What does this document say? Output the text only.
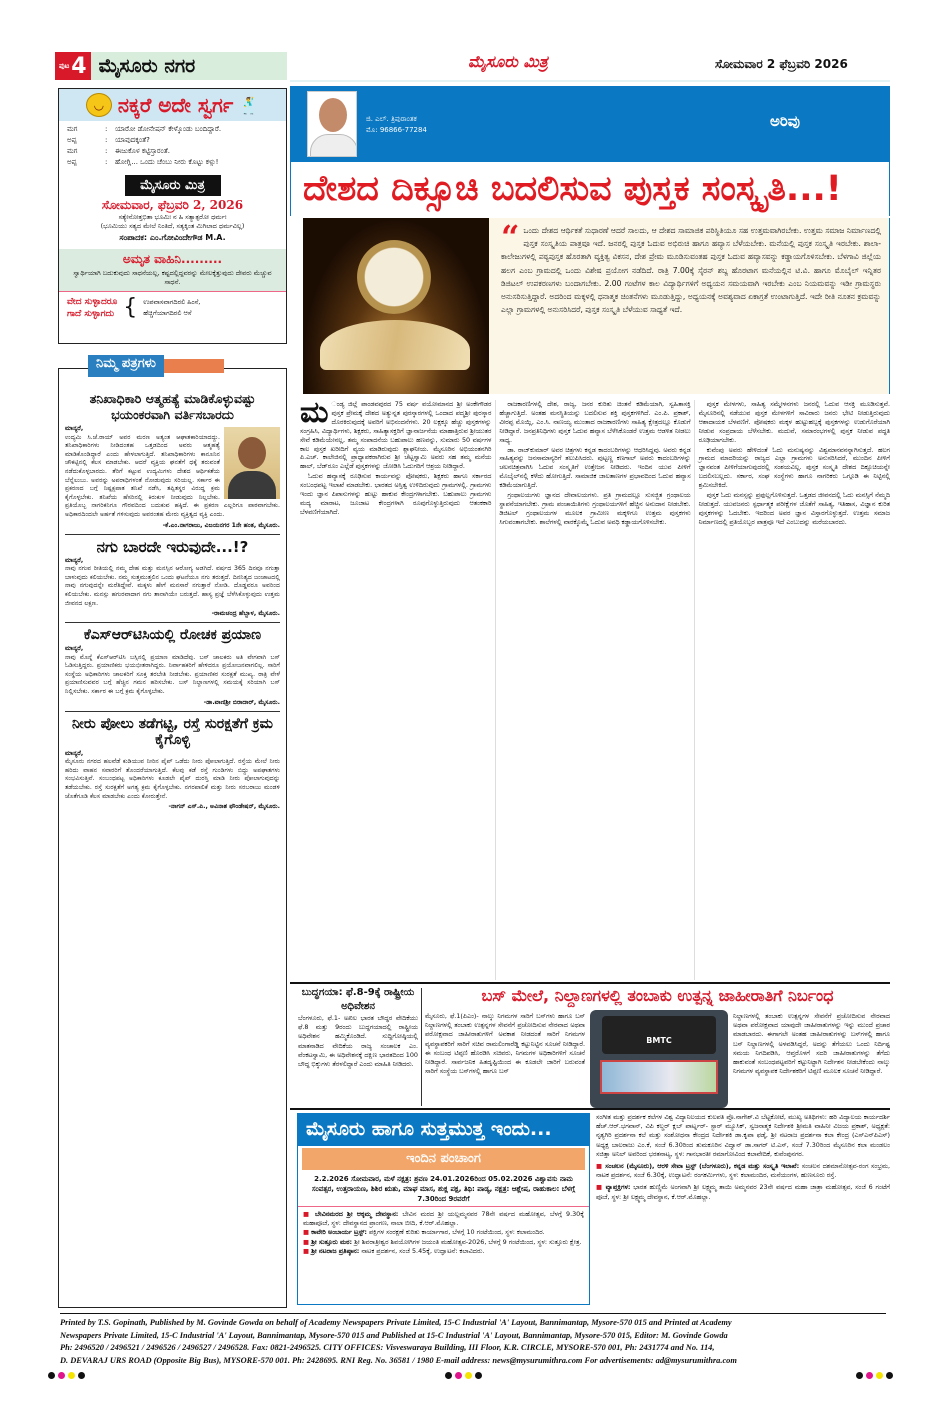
ಪುಟ 4 ಮೈಸೂರು ನಗರ	ಮೈಸೂರು ಮಿತ್ರ	ಸೋಮವಾರ 2 ಫೆಬ್ರವರಿ 2026
◡ ನಕ್ಕರೆ ಅದೇ ಸ್ವರ್ಗ 🕺
ಮಗ	:	ಯಾರೋ ಡೋನೇಷನ್ ಕೇಳ್ಕೊಂಡು ಬಂದಿದ್ದಾರೆ.
ಅಪ್ಪ	:	ಯಾವುದಕ್ಕಂತೆ?
ಮಗ	:	ಈಜುಕೊಳ ಕಟ್ಟಿಸ್ತಾರಂತೆ.
ಅಪ್ಪ	:	ಹೋಗ್ಲಿ... ಒಂದು ಚೆಂಬು ನೀರು ಕೊಟ್ಟು ಕಳ್ಸು!
ಮೈಸೂರು ಮಿತ್ರ
ಸೋಮವಾರ, ಫೆಬ್ರವರಿ 2, 2026
ಸತ್ಯೇನೋತ್ತಭಿತಾ ಭೂಮಿಃ ನ ಹಿ ಸತ್ಯಾತ್ಪರೋ ಧರ್ಮಃ
(ಭೂಮಿಯು ಸತ್ಯದ ಮೇಲೆ ನಿಂತಿದೆ, ಸತ್ಯಕ್ಕಿಂತ ಮಿಗಿಲಾದ ಧರ್ಮವಿಲ್ಲ)
ಸಂಪಾದಕ: ಎಂ.ಗೋವಿಂದೇಗೌಡ M.A.
ಅಮೃತ ವಾಹಿನಿ.........

ಸ್ವಾರ್ಥಿಯಾಗಿ ಬದುಕುವುದು ಸಾಧನೆಯಲ್ಲ, ಕಷ್ಟದಲ್ಲಿದ್ದವರನ್ನು ಮೇಲಕ್ಕೆತ್ತುವುದು ದೇವರು ಮೆಚ್ಚುವ ಸಾಧನೆ.

ವೇದ ಸುಳ್ಳಾದರೂ
ಗಾದೆ ಸುಳ್ಳಾಗದು { ಉಪವಾಸವಾಗದಿರಲಿ ಹಿಂಸೆ,
ಹೆಚ್ಚಿಗೆಯಾಗದಿರಲಿ ಆಸೆ
ತನಿಖಾಧಿಕಾರಿ ಆತ್ಮಹತ್ಯೆ ಮಾಡಿಕೊಳ್ಳುವಷ್ಟು ಭಯಂಕರವಾಗಿ ವರ್ತಿಸಬಾರದು
ಮಾನ್ಯರೆ,

ಉದ್ಯಮಿ ಸಿ.ಜೆ.ರಾಯ್ ಅವರ ಮರಣ ಅತ್ಯಂತ ಆಘಾತಕಾರಿಯಾದದ್ದು. ತನಿಖಾಧಿಕಾರಿಗಳು ನೀಡಿದಂತಹ ಒತ್ತಡದಿಂದ ಅವರು ಆತ್ಮಹತ್ಯೆ ಮಾಡಿಕೊಂಡಿದ್ದಾರೆ ಎಂದು ಹೇಳಲಾಗುತ್ತಿದೆ. ತನಿಖಾಧಿಕಾರಿಗಳು ಕಾನೂನಿನ ಚೌಕಟ್ಟಿನಲ್ಲಿ ಕೆಲಸ ಮಾಡಬೇಕು. ಆದರೆ ವ್ಯಕ್ತಿಯ ಘನತೆಗೆ ಧಕ್ಕೆ ತರುವಂತೆ ನಡೆದುಕೊಳ್ಳಬಾರದು. ತೆರಿಗೆ ಕಟ್ಟುವ ಉದ್ಯಮಿಗಳು ದೇಶದ ಆರ್ಥಿಕತೆಯ ಬೆನ್ನೆಲುಬು. ಅವರನ್ನು ಅಪರಾಧಿಗಳಂತೆ ನೋಡುವುದು ಸರಿಯಲ್ಲ. ಸರ್ಕಾರ ಈ ಪ್ರಕರಣದ ಬಗ್ಗೆ ನಿಷ್ಪಕ್ಷಪಾತ ತನಿಖೆ ನಡೆಸಿ, ತಪ್ಪಿತಸ್ಥರ ವಿರುದ್ಧ ಕ್ರಮ ಕೈಗೊಳ್ಳಬೇಕು. ತನಿಖೆಯ ಹೆಸರಿನಲ್ಲಿ ಕಿರುಕುಳ ನೀಡುವುದು ನಿಲ್ಲಬೇಕು. ಪ್ರತಿಯೊಬ್ಬ ನಾಗರಿಕನಿಗೂ ಗೌರವದಿಂದ ಬದುಕುವ ಹಕ್ಕಿದೆ. ಈ ಪ್ರಕರಣ ಎಲ್ಲರಿಗೂ ಪಾಠವಾಗಬೇಕು. ಅಧಿಕಾರದಿಂದಲೇ ಅರ್ಹತೆ ಗಳಿಸುವುದು ಅವರಂತಹ ಮೇರು ವ್ಯಕ್ತಿತ್ವದ ವ್ಯಕ್ತಿ ಎಂದು.
-ಕೆ.ಎಂ.ನಾಗರಾಜು, ವಿಜಯನಗರ 1ನೇ ಹಂತ, ಮೈಸೂರು.
ನಗು ಬಾರದೇ ಇರುವುದೇ...!?
ಮಾನ್ಯರೆ,
ನಾವು ನಗುವ ರೀತಿಯಲ್ಲಿ ನಮ್ಮ ದೇಹ ಮತ್ತು ಮನಸ್ಸಿನ ಆರೋಗ್ಯ ಅಡಗಿದೆ. ವರ್ಷದ 365 ದಿನವೂ ನಗುತ್ತಾ ಬಾಳುವುದು ಕಲಿಯಬೇಕು. ನಮ್ಮ ಸುತ್ತಮುತ್ತಲಿನ ಒಂದು ಘಟನೆಯೂ ನಗು ತರುತ್ತದೆ. ದಿನನಿತ್ಯದ ಜಂಜಾಟದಲ್ಲಿ ನಾವು ನಗುವುದನ್ನೇ ಮರೆತಿದ್ದೇವೆ. ಮಕ್ಕಳು ಹೇಗೆ ಮನಸಾರೆ ನಗುತ್ತಾರೆ ನೋಡಿ. ದೊಡ್ಡವರೂ ಅವರಿಂದ ಕಲಿಯಬೇಕು. ಮನಸ್ಸು ಹಗುರವಾದಾಗ ನಗು ತಾನಾಗಿಯೇ ಬರುತ್ತದೆ. ಹಾಸ್ಯ ಪ್ರಜ್ಞೆ ಬೆಳೆಸಿಕೊಳ್ಳುವುದು ಉತ್ತಮ ಜೀವನದ ಲಕ್ಷಣ.
-ರಾಮಚಂದ್ರ ಹೆಬ್ಬಾಳ, ಮೈಸೂರು.
ಕೆಎಸ್‌ಆರ್‌ಟಿಸಿಯಲ್ಲಿ ರೋಚಕ ಪ್ರಯಾಣ
ಮಾನ್ಯರೆ,
ನಾವು ಮೊನ್ನೆ ಕೆಎಸ್‌ಆರ್‌ಟಿಸಿ ಬಸ್ಸಿನಲ್ಲಿ ಪ್ರಯಾಣ ಮಾಡಿದೆವು. ಬಸ್ ಚಾಲಕರು ಅತಿ ವೇಗವಾಗಿ ಬಸ್ ಓಡಿಸುತ್ತಿದ್ದರು. ಪ್ರಯಾಣಿಕರು ಭಯಭೀತರಾಗಿದ್ದರು. ನಿರ್ವಾಹಕರಿಗೆ ಹೇಳಿದರೂ ಪ್ರಯೋಜನವಾಗಲಿಲ್ಲ. ಸಾರಿಗೆ ಸಂಸ್ಥೆಯ ಅಧಿಕಾರಿಗಳು ಚಾಲಕರಿಗೆ ಸೂಕ್ತ ತರಬೇತಿ ನೀಡಬೇಕು. ಪ್ರಯಾಣಿಕರ ಸುರಕ್ಷತೆ ಮುಖ್ಯ. ರಾತ್ರಿ ವೇಳೆ ಪ್ರಯಾಣಿಸುವವರ ಬಗ್ಗೆ ಹೆಚ್ಚಿನ ಗಮನ ಹರಿಸಬೇಕು. ಬಸ್ ನಿಲ್ದಾಣಗಳಲ್ಲಿ ಸಮಯಕ್ಕೆ ಸರಿಯಾಗಿ ಬಸ್ ನಿಲ್ಲಿಸಬೇಕು. ಸರ್ಕಾರ ಈ ಬಗ್ಗೆ ಕ್ರಮ ಕೈಗೊಳ್ಳಬೇಕು.
-ಡಾ.ವಾಣಿಶ್ರೀ ಬಿರಾದಾರ್, ಮೈಸೂರು.
ನೀರು ಪೋಲು ತಡೆಗಟ್ಟಿ, ರಸ್ತೆ ಸುರಕ್ಷತೆಗೆ ಕ್ರಮ ಕೈಗೊಳ್ಳಿ
ಮಾನ್ಯರೆ,
ಮೈಸೂರು ನಗರದ ಹಲವೆಡೆ ಕುಡಿಯುವ ನೀರಿನ ಪೈಪ್ ಒಡೆದು ನೀರು ಪೋಲಾಗುತ್ತಿದೆ. ರಸ್ತೆಯ ಮೇಲೆ ನೀರು ಹರಿದು ವಾಹನ ಸವಾರರಿಗೆ ತೊಂದರೆಯಾಗುತ್ತಿದೆ. ಕೆಲವು ಕಡೆ ರಸ್ತೆ ಗುಂಡಿಗಳು ಬಿದ್ದು ಅಪಘಾತಗಳು ಸಂಭವಿಸುತ್ತಿವೆ. ಸಂಬಂಧಪಟ್ಟ ಅಧಿಕಾರಿಗಳು ಕೂಡಲೇ ಪೈಪ್ ದುರಸ್ತಿ ಮಾಡಿ ನೀರು ಪೋಲಾಗುವುದನ್ನು ತಡೆಯಬೇಕು. ರಸ್ತೆ ಸುರಕ್ಷತೆಗೆ ಅಗತ್ಯ ಕ್ರಮ ಕೈಗೊಳ್ಳಬೇಕು. ನಗರಪಾಲಿಕೆ ಮತ್ತು ನೀರು ಸರಬರಾಜು ಮಂಡಳಿ ಜೊತೆಗೂಡಿ ಕೆಲಸ ಮಾಡಬೇಕು ಎಂದು ಕೋರುತ್ತೇನೆ.
-ನಾಗನ್ ಎಸ್.ಪಿ., ಅವಿನಾಶ ಫೌಂಡೇಷನ್, ಮೈಸೂರು.
ನಿಮ್ಮ ಪತ್ರಗಳು
ಜಿ. ಎಲ್. ತ್ರಿಪುರಾಂತಕ
ಮೊ: 96866-77284	ಅರಿವು
ದೇಶದ ದಿಕ್ಸೂಚಿ ಬದಲಿಸುವ ಪುಸ್ತಕ ಸಂಸ್ಕೃತಿ...!
“ ಒಂದು ದೇಶದ ಆರ್ಥಿಕತೆ ಸುಧಾರಣೆ ಆದರೆ ಸಾಲದು, ಆ ದೇಶದ ಸಾಮಾಜಿಕ ಪರಿಸ್ಥಿತಿಯೂ ಸಹ ಉತ್ತಮವಾಗಿರಬೇಕು. ಉತ್ತಮ ಸಮಾಜ ನಿರ್ಮಾಣದಲ್ಲಿ ಪುಸ್ತಕ ಸಂಸ್ಕೃತಿಯ ಪಾತ್ರವೂ ಇದೆ. ಜನರಲ್ಲಿ ಪುಸ್ತಕ ಓದುವ ಅಭಿರುಚಿ ಹಾಗೂ ಹವ್ಯಾಸ ಬೆಳೆಯಬೇಕು. ಮನೆಯಲ್ಲಿ ಪುಸ್ತಕ ಸಂಸ್ಕೃತಿ ಇರಬೇಕು. ಶಾಲಾ-ಕಾಲೇಜುಗಳಲ್ಲಿ ಪಠ್ಯಪುಸ್ತಕ ಹೊರತಾಗಿ ವ್ಯಕ್ತಿತ್ವ ವಿಕಸನ, ದೇಶ ಪ್ರೇಮ ಮೂಡಿಸುವಂತಹ ಪುಸ್ತಕ ಓದುವ ಹವ್ಯಾಸವನ್ನು ಕಡ್ಡಾಯಗೊಳಿಸಬೇಕು. ಬೆಳಗಾವಿ ಜಿಲ್ಲೆಯ ಹಲಗ ಎಂಬ ಗ್ರಾಮದಲ್ಲಿ ಒಂದು ವಿಶೇಷ ಪ್ರಯೋಗ ನಡೆದಿದೆ. ರಾತ್ರಿ 7.00ಕ್ಕೆ ಸೈರನ್ ಶಬ್ದ ಹೊರಟಾಗ ಮನೆಯಲ್ಲಿನ ಟಿ.ವಿ. ಹಾಗೂ ಮೊಬೈಲ್ ಇನ್ನಿತರ ಡಿಜಿಟಲ್ ಉಪಕರಣಗಳು ಬಂದಾಗಬೇಕು. 2.00 ಗಂಟೆಗಳ ಕಾಲ ವಿದ್ಯಾರ್ಥಿಗಳಿಗೆ ಅಧ್ಯಯನ ಸಮಯವಾಗಿ ಇರಬೇಕು ಎಂಬ ನಿಯಮವನ್ನು ಇಡೀ ಗ್ರಾಮಸ್ಥರು ಅನುಸರಿಸುತ್ತಿದ್ದಾರೆ. ಅದರಿಂದ ಮಕ್ಕಳಲ್ಲಿ ಧನಾತ್ಮಕ ಚಿಂತನೆಗಳು ಮೂಡುತ್ತಿದ್ದು, ಅಧ್ಯಯನಕ್ಕೆ ಅವಶ್ಯವಾದ ಏಕಾಗ್ರತೆ ಉಂಟಾಗುತ್ತಿದೆ. ಇದೇ ರೀತಿ ನೂತನ ಕ್ರಮವನ್ನು ಎಲ್ಲಾ ಗ್ರಾಮಗಳಲ್ಲಿ ಅನುಸರಿಸಿದರೆ, ಪುಸ್ತಕ ಸಂಸ್ಕೃತಿ ಬೆಳೆಯುವ ಸಾಧ್ಯತೆ ಇದೆ.

ಮ ಂಡ್ಯ ಜಿಲ್ಲೆ ಪಾಂಡವಪುರದ 75 ವರ್ಷ ವಯೋಮಾನದ ಶ್ರೀ ಅಂಕೇಗೌಡರ ಪುಸ್ತಕ ಪ್ರೇಮಕ್ಕೆ ದೇಶದ ಅತ್ಯುನ್ನತ ಪುರಸ್ಕಾರಗಳಲ್ಲಿ ಒಂದಾದ ಪದ್ಮಶ್ರೀ ಪುರಸ್ಕಾರ ದೊರಕಿರುವುದಕ್ಕೆ ಅವರಿಗೆ ಅಭಿನಂದನೆಗಳು. 20 ಲಕ್ಷಕ್ಕೂ ಹೆಚ್ಚು ಪುಸ್ತಕಗಳನ್ನು ಸಂಗ್ರಹಿಸಿ, ವಿದ್ಯಾರ್ಥಿಗಳು, ಶಿಕ್ಷಕರು, ಸಾಹಿತ್ಯಾಸಕ್ತರಿಗೆ ಜ್ಞಾನಾರ್ಜನೆಯ ಮಾಹಾತ್ತಿರುವ ಶ್ರೀಯುತರ ಸೇವೆ ಕಡಿಮೆಯೇನಲ್ಲ, ತಮ್ಮ ಸಂಪಾದನೆಯ ಬಹುಪಾಲು ಹಣವನ್ನು, ಸುಮಾರು 50 ವರ್ಷಗಳ ಕಾಲ ಪುಸ್ತಕ ಖರೀದಿಗೆ ವ್ಯಯ ಮಾಡಿರುವುದು ಶ್ಲಾಘನೀಯ. ಮೈಸೂರಿನ ಅಭಿಯಂತನಗಿರಿ ಪಿ.ಎಚ್. ಕಾಲೇಜಿನಲ್ಲಿ ಪ್ರಾಧ್ಯಾಪಕರಾಗಿರುವ ಶ್ರೀ ಚೆಟ್ಟಸ್ವಾಮಿ ಅವರು ಸಹ ತಮ್ಮ ಮನೆಯ ಹಾಲ್, ಬೆಡ್‌ರೂಂ ಎಲ್ಲೆಡೆ ಪುಸ್ತಕಗಳನ್ನು ಜೋಡಿಸಿ ಓದುಗರಿಗೆ ಆಶ್ರಯ ನೀಡಿದ್ದಾರೆ.

ಓದುವ ಹವ್ಯಾಸಕ್ಕೆ ರೂಢಿಸುವ ಕಾರ್ಯವನ್ನು ಪೋಷಕರು, ಶಿಕ್ಷಕರು ಹಾಗೂ ಸರ್ಕಾರದ ಸಂಬಂಧಪಟ್ಟ ಇಲಾಖೆ ಮಾಡಬೇಕು. ಭಾರತದ ಅಸ್ತಿತ್ವ ಉಳಿದಿರುವುದು ಗ್ರಾಮಗಳಲ್ಲಿ. ಗ್ರಾಮಗಳು ಇಂದು ಜ್ಞಾನ ಪಿಪಾಸುಗಳನ್ನು ಹುಟ್ಟು ಹಾಕುವ ಕೇಂದ್ರಗಳಾಗಬೇಕು. ಬಹುಪಾಲು ಗ್ರಾಮಗಳು ಮದ್ಯ ಮಾರಾಟ, ಜೂಜಾಟ ಕೇಂದ್ರಗಳಾಗಿ ರೂಪುಗೊಳ್ಳುತ್ತಿರುವುದು ಆತಂಕಕಾರಿ ಬೆಳವಣಿಗೆಯಾಗಿದೆ.

ರಾಜಕಾರಣಿಗಳಲ್ಲಿ ದೇಶ, ರಾಜ್ಯ, ಜನರ ಕುರಿತು ಚಿಂತನೆ ಕಡಿಮೆಯಾಗಿ, ಸ್ವಹಿತಾಸಕ್ತಿ ಹೆಚ್ಚಾಗುತ್ತಿದೆ. ಅಂತಹ ಮನಸ್ಥಿತಿಯನ್ನು ಬದಲಿಸುವ ಶಕ್ತಿ ಪುಸ್ತಕಗಳಿಗಿದೆ. ಎಂ.ಪಿ. ಪ್ರಕಾಶ್, ವೀರಪ್ಪ ಮೊಯ್ಲಿ, ಎಂ.ಸಿ. ನಾಣಯ್ಯ ಮುಂತಾದ ರಾಜಕಾರಣಿಗಳು ಸಾಹಿತ್ಯ ಕ್ಷೇತ್ರದಲ್ಲೂ ಕೊಡುಗೆ ನೀಡಿದ್ದಾರೆ. ಜನಪ್ರತಿನಿಧಿಗಳು ಪುಸ್ತಕ ಓದುವ ಹವ್ಯಾಸ ಬೆಳೆಸಿಕೊಂಡರೆ ಉತ್ತಮ ಆಡಳಿತ ನೀಡಲು ಸಾಧ್ಯ.

ಡಾ. ರಾಜ್‌ಕುಮಾರ್ ಅವರ ಚಿತ್ರಗಳು ಕನ್ನಡ ಕಾದಂಬರಿಗಳನ್ನು ಆಧರಿಸಿದ್ದವು. ಅವರು ಕನ್ನಡ ಸಾಹಿತ್ಯವನ್ನು ಜನಸಾಮಾನ್ಯರಿಗೆ ತಲುಪಿಸಿದರು. ಪುಟ್ಟಣ್ಣ ಕಣಗಾಲ್ ಅವರು ಕಾದಂಬರಿಗಳನ್ನು ಚಲನಚಿತ್ರವಾಗಿಸಿ ಓದುವ ಸಂಸ್ಕೃತಿಗೆ ಉತ್ತೇಜನ ನೀಡಿದರು. ಇಂದಿನ ಯುವ ಪೀಳಿಗೆ ಮೊಬೈಲ್‌ನಲ್ಲಿ ಕಳೆದು ಹೋಗುತ್ತಿದೆ. ಸಾಮಾಜಿಕ ಜಾಲತಾಣಗಳ ಪ್ರಭಾವದಿಂದ ಓದುವ ಹವ್ಯಾಸ ಕಡಿಮೆಯಾಗುತ್ತಿದೆ.

ಗ್ರಂಥಾಲಯಗಳು ಜ್ಞಾನದ ದೇವಾಲಯಗಳು. ಪ್ರತಿ ಗ್ರಾಮದಲ್ಲೂ ಸುಸಜ್ಜಿತ ಗ್ರಂಥಾಲಯ ಸ್ಥಾಪನೆಯಾಗಬೇಕು. ಗ್ರಾಮ ಪಂಚಾಯಿತಿಗಳು ಗ್ರಂಥಾಲಯಗಳಿಗೆ ಹೆಚ್ಚಿನ ಅನುದಾನ ನೀಡಬೇಕು. ಡಿಜಿಟಲ್ ಗ್ರಂಥಾಲಯಗಳ ಮೂಲಕ ಗ್ರಾಮೀಣ ಮಕ್ಕಳಿಗೂ ಉತ್ತಮ ಪುಸ್ತಕಗಳು ಸಿಗುವಂತಾಗಬೇಕು. ಶಾಲೆಗಳಲ್ಲಿ ವಾರಕ್ಕೊಮ್ಮೆ ಓದುವ ಅವಧಿ ಕಡ್ಡಾಯಗೊಳಿಸಬೇಕು.

ಪುಸ್ತಕ ಮೇಳಗಳು, ಸಾಹಿತ್ಯ ಸಮ್ಮೇಳನಗಳು ಜನರಲ್ಲಿ ಓದುವ ಆಸಕ್ತಿ ಮೂಡಿಸುತ್ತವೆ. ಮೈಸೂರಿನಲ್ಲಿ ನಡೆಯುವ ಪುಸ್ತಕ ಮೇಳಗಳಿಗೆ ಸಾವಿರಾರು ಜನರು ಭೇಟಿ ನೀಡುತ್ತಿರುವುದು ಆಶಾದಾಯಕ ಬೆಳವಣಿಗೆ. ಪೋಷಕರು ಮಕ್ಕಳ ಹುಟ್ಟುಹಬ್ಬಕ್ಕೆ ಪುಸ್ತಕಗಳನ್ನು ಉಡುಗೊರೆಯಾಗಿ ನೀಡುವ ಸಂಪ್ರದಾಯ ಬೆಳೆಸಬೇಕು. ಮದುವೆ, ಸಮಾರಂಭಗಳಲ್ಲಿ ಪುಸ್ತಕ ನೀಡುವ ಪದ್ಧತಿ ರೂಢಿಯಾಗಬೇಕು.

ಕುವೆಂಪು ಅವರು ಹೇಳಿದಂತೆ ಓದು ಮನುಷ್ಯನನ್ನು ವಿಶ್ವಮಾನವನನ್ನಾಗಿಸುತ್ತದೆ. ಹಲಗ ಗ್ರಾಮದ ಮಾದರಿಯನ್ನು ರಾಜ್ಯದ ಎಲ್ಲಾ ಗ್ರಾಮಗಳು ಅನುಸರಿಸಿದರೆ, ಮುಂದಿನ ಪೀಳಿಗೆ ಜ್ಞಾನವಂತ ಪೀಳಿಗೆಯಾಗುವುದರಲ್ಲಿ ಸಂಶಯವಿಲ್ಲ. ಪುಸ್ತಕ ಸಂಸ್ಕೃತಿ ದೇಶದ ದಿಕ್ಸೂಚಿಯನ್ನೇ ಬದಲಿಸಬಲ್ಲದು. ಸರ್ಕಾರ, ಸಂಘ ಸಂಸ್ಥೆಗಳು ಹಾಗೂ ನಾಗರಿಕರು ಒಗ್ಗೂಡಿ ಈ ನಿಟ್ಟಿನಲ್ಲಿ ಶ್ರಮಿಸಬೇಕಿದೆ.

ಪುಸ್ತಕ ಓದು ಮನಸ್ಸನ್ನು ಪ್ರಫುಲ್ಲಗೊಳಿಸುತ್ತದೆ. ಒತ್ತಡದ ಜೀವನದಲ್ಲಿ ಓದು ಮನಸ್ಸಿಗೆ ನೆಮ್ಮದಿ ನೀಡುತ್ತದೆ. ಯುವಜನರು ಸ್ಪರ್ಧಾತ್ಮಕ ಪರೀಕ್ಷೆಗಳ ಜೊತೆಗೆ ಸಾಹಿತ್ಯ, ಇತಿಹಾಸ, ವಿಜ್ಞಾನ ಕುರಿತ ಪುಸ್ತಕಗಳನ್ನು ಓದಬೇಕು. ಇದರಿಂದ ಅವರ ಜ್ಞಾನ ವಿಸ್ತಾರಗೊಳ್ಳುತ್ತದೆ. ಉತ್ತಮ ಸಮಾಜ ನಿರ್ಮಾಣದಲ್ಲಿ ಪ್ರತಿಯೊಬ್ಬರ ಪಾತ್ರವೂ ಇದೆ ಎಂಬುದನ್ನು ಮರೆಯಬಾರದು.

ಬುದ್ಧಗಯಾ: ಫೆ.8-9ಕ್ಕೆ ರಾಷ್ಟ್ರೀಯ ಅಧಿವೇಶನ
ಬೆಂಗಳೂರು, ಫೆ.1- ಅಖಿಲ ಭಾರತ ಬೌದ್ಧರ ವೇದಿಕೆಯು ಫೆ.8 ಮತ್ತು 9ರಂದು ಬುದ್ಧಗಯಾದಲ್ಲಿ ರಾಷ್ಟ್ರೀಯ ಅಧಿವೇಶನ ಹಮ್ಮಿಕೊಂಡಿದೆ. ಸುದ್ದಿಗೋಷ್ಠಿಯಲ್ಲಿ ಮಾತನಾಡಿದ ವೇದಿಕೆಯ ರಾಜ್ಯ ಸಂಚಾಲಕ ಎಂ. ವೆಂಕಟಸ್ವಾಮಿ, ಈ ಅಧಿವೇಶನಕ್ಕೆ ದಕ್ಷಿಣ ಭಾರತದಿಂದ 100 ಬೌದ್ಧ ಭಿಕ್ಕುಗಳು ತೆರಳಲಿದ್ದಾರೆ ಎಂದು ಮಾಹಿತಿ ನೀಡಿದರು.
ಬಸ್ ಮೇಲೆ, ನಿಲ್ದಾಣಗಳಲ್ಲಿ ತಂಬಾಕು ಉತ್ಪನ್ನ ಜಾಹೀರಾತಿಗೆ ನಿರ್ಬಂಧ
ಮೈಸೂರು, ಫೆ.1(ಪಿಎಂ)- ನಾಲ್ಕು ನಿಗಮಗಳ ಸಾರಿಗೆ ಬಸ್‌ಗಳು ಹಾಗೂ ಬಸ್ ನಿಲ್ದಾಣಗಳಲ್ಲಿ ತಂಬಾಕು ಉತ್ಪನ್ನಗಳ ಸೇವನೆಗೆ ಪ್ರಚೋದಿಸುವ ನೇರವಾದ ಅಥವಾ ಪರೋಕ್ಷವಾದ ಜಾಹೀರಾತುಗಳಿಗೆ ಅವಕಾಶ ನೀಡದಂತೆ ಸಾರಿಗೆ ನಿಗಮಗಳ ವ್ಯವಸ್ಥಾಪಕರಿಗೆ ಸಾರಿಗೆ ಸಚಿವ ರಾಮಲಿಂಗಾರೆಡ್ಡಿ ಕಟ್ಟುನಿಟ್ಟಿನ ಸೂಚನೆ ನೀಡಿದ್ದಾರೆ. ಈ ಸಂಬಂಧ ಟಿಪ್ಪಣಿ ಹೊರಡಿಸಿ ಸಚಿವರು, ನಿಗಮಗಳ ಅಧಿಕಾರಿಗಳಿಗೆ ಸೂಚನೆ ನೀಡಿದ್ದಾರೆ. ಸಾರ್ವಜನಿಕ ಹಿತದೃಷ್ಟಿಯಿಂದ ಈ ಕೂಡಲೇ ಜಾರಿಗೆ ಬರುವಂತೆ ಸಾರಿಗೆ ಸಂಸ್ಥೆಯ ಬಸ್‌ಗಳಲ್ಲಿ ಹಾಗೂ ಬಸ್
BMTC
ನಿಲ್ದಾಣಗಳಲ್ಲಿ ತಂಬಾಕು ಉತ್ಪನ್ನಗಳ ಸೇವನೆಗೆ ಪ್ರಚೋದಿಸುವ ನೇರವಾದ ಅಥವಾ ಪರೋಕ್ಷವಾದ ಯಾವುದೇ ಜಾಹೀರಾತುಗಳನ್ನು ಇನ್ನು ಮುಂದೆ ಪ್ರಚಾರ ಮಾಡಬಾರದು. ಈಗಾಗಲೇ ಅಂತಹ ಜಾಹೀರಾತುಗಳನ್ನು ಬಸ್‌ಗಳಲ್ಲಿ ಹಾಗೂ ಬಸ್ ನಿಲ್ದಾಣಗಳಲ್ಲಿ ಅಳವಡಿಸಿದ್ದರೆ, ಅದನ್ನು ತೆಗೆಯಲು ಒಂದು ನಿರ್ದಿಷ್ಟ ಸಮಯ ನಿಗದಿಪಡಿಸಿ, ಆಪ್ತರೊಳಗೆ ಸದರಿ ಜಾಹೀರಾತುಗಳನ್ನು ತೆಗೆದು ಹಾಕುವಂತೆ ಸಂಬಂಧಪಟ್ಟವರಿಗೆ ಕಟ್ಟುನಿಟ್ಟಾಗಿ ನಿರ್ದೇಶನ ನೀಡಬೇಕೆಂದು ನಾಲ್ಕು ನಿಗಮಗಳ ವ್ಯವಸ್ಥಾಪಕ ನಿರ್ದೇಶಕರಿಗೆ ಟಿಪ್ಪಣಿ ಮೂಲಕ ಸೂಚನೆ ನೀಡಿದ್ದಾರೆ.
ಮೈಸೂರು ಹಾಗೂ ಸುತ್ತಮುತ್ತ ಇಂದು...
ಇಂದಿನ ಪಂಚಾಂಗ
2.2.2026 ಸೋಮವಾರ, ಮಳೆ ನಕ್ಷತ್ರ: ಶ್ರವಣ 24.01.2026ರಿಂದ 05.02.2026 ವಿಶ್ವಾವಸು ನಾಮ ಸಂವತ್ಸರ, ಉತ್ತರಾಯಣ, ಶಿಶಿರ ಋತು, ಮಾಘ ಮಾಸ, ಶುಕ್ಲ ಪಕ್ಷ, ತಿಥಿ: ಪಾಡ್ಯ, ನಕ್ಷತ್ರ: ಆಶ್ಲೇಷ, ರಾಹುಕಾಲ: ಬೆಳಗ್ಗೆ 7.30ರಿಂದ 9ರವರೆಗೆ
■ ಬೇವಿನಮರದ ಶ್ರೀ ಆಕ್ಕಮ್ಮ ದೇವಸ್ಥಾನ: ಬೇವಿನ ಮರದ ಶ್ರೀ ಯಲ್ಲಮ್ಮನವರ 78ನೇ ವರ್ಷದ ಮಹೋತ್ಸವ, ಬೆಳಗ್ಗೆ 9.30ಕ್ಕೆ ಮಹಾಪೂಜೆ, ಸ್ಥಳ: ದೇವಸ್ಥಾನದ ಪ್ರಾಂಗಣ, ನಾಲಾ ಬೀದಿ, ಕೆ.ಆರ್.ಮೊಹಲ್ಲಾ.
■ ಕಾವೇರಿ ಅಂಬಾರ್ಯ ಟ್ರಸ್ಟ್: ಪಕ್ಷಿಗಳ ಸಂರಕ್ಷಣೆ ಕುರಿತು ಕಾರ್ಯಾಗಾರ, ಬೆಳಗ್ಗೆ 10 ಗಂಟೆಯಿಂದ, ಸ್ಥಳ: ಕಲಾಮಂದಿರ.
■ ಶ್ರೀ ಸುತ್ತೂರು ಮಠ: ಶ್ರೀ ಶಿವರಾತ್ರೀಶ್ವರ ಶಿವಯೋಗಿಗಳ ಜಯಂತಿ ಮಹೋತ್ಸವ-2026, ಬೆಳಗ್ಗೆ 9 ಗಂಟೆಯಿಂದ, ಸ್ಥಳ: ಸುತ್ತೂರು ಕ್ಷೇತ್ರ.
■ ಶ್ರೀ ನಟರಾಜ ಪ್ರತಿಷ್ಠಾನ: ನಾಟಕ ಪ್ರದರ್ಶನ, ಸಂಜೆ 5.45ಕ್ಕೆ, ಉದ್ಘಾಟನೆ: ಕಲಾವಿದರು.
ಸಂಗೀತ ಮತ್ತು ಪ್ರದರ್ಶಕ ಕಲೆಗಳ ವಿಶ್ವ ವಿದ್ಯಾನಿಲಯದ ಕುಲಪತಿ ಪ್ರೊ.ನಾಗೇಶ್.ವಿ ಬೆಟ್ಟಕೋಟೆ, ಮುಖ್ಯ ಅತಿಥಿಗಳು: ಹರಿ ವಿದ್ಯಾಲಯ ಕಾರ್ಯದರ್ಶಿ ಹೆಚ್.ಆರ್.ಭಗವಾನ್, ವಿಪಿ ಕಲ್ಚರ್ ಕ್ಲಬ್ ಪಾರ್ಟ್ನರ್- ಸ್ಟಾರ್ ಮ್ಯೂಸಿಕ್, ಸ್ವಜನಾತ್ಮಕ ನಿರ್ದೇಶಕಿ ಶ್ರೀಮತಿ ವಾಹಿನೀ ವಿಜಯ ಪ್ರಕಾಶ್, ಅಧ್ಯಕ್ಷತೆ: ನೃತ್ಯಗಿರಿ ಪ್ರದರ್ಶನಾ ಕಲೆ ಮತ್ತು ಸಂಶೋಧನಾ ಕೇಂದ್ರದ ನಿರ್ದೇಶಕಿ ಡಾ.ಕೃಪಾ ಫಡ್ಕೆ, ಶ್ರೀ ನಟರಾಜ ಪ್ರದರ್ಶನಾ ಕಲಾ ಕೇಂದ್ರ (ಎಸ್‌ಎನ್‌ಪಿಎಸ್) ಅಧ್ಯಕ್ಷ ಬಾಲರಾಜು ಎಂ.ಕೆ, ಸಂಜೆ 6.30ರಿಂದ ತುಮಕೂರಿನ ವಿದ್ವಾನ್ ಡಾ.ಸಾಗರ್ ಟಿ.ಎಸ್, ಸಂಜೆ 7.30ರಿಂದ ಮೈಸೂರಿನ ಕಲಾ ಮಂಡಲಂ ಸಜಿತ್ತಾ ಅನಿಲ್ ಅವರಿಂದ ಭರತನಾಟ್ಯ, ಸ್ಥಳ: ಗಾನಭಾರತೀ ರಮಾಗೋವಿಂದ ಕಲಾವೇದಿಕೆ, ಕುವೆಂಪುನಗರ.
■ ಸಂಚಲನ (ಮೈಸೂರು), ಆರಳಿ ಸೇವಾ ಟ್ರಸ್ಟ್ (ಬೆಂಗಳೂರು), ಕನ್ನಡ ಮತ್ತು ಸಂಸ್ಕೃತಿ ಇಲಾಖೆ: ಸಂಚಲನ ದಶಮಾನೋತ್ಸವ-ರಂಗ ಸಂಭ್ರಮ, ನಾಟಕ ಪ್ರದರ್ಶನ, ಸಂಜೆ 6.30ಕ್ಕೆ, ಉದ್ಘಾಟನೆ: ರಂಗಕರ್ಮಿಗಳು, ಸ್ಥಳ: ಕಲಾಮಂದಿರ, ಮನೆಯಂಗಳ, ಹುಣಸೂರು ರಸ್ತೆ.
■ ವ್ಯಾಪ್ತಕ್ತಿಗಳ: ಭಾರತ ಹುಣ್ಣಿಮೆ ಅಂಗವಾಗಿ ಶ್ರೀ ಲಕ್ಷ್ಮಮ್ಮ ತಾಯಿ ಅಮ್ಮನವರ 23ನೇ ವರ್ಷದ ಮಹಾ ಜಾತ್ರಾ ಮಹೋತ್ಸವ, ಸಂಜೆ 6 ಗಂಟೆಗೆ ಪೂಜೆ, ಸ್ಥಳ: ಶ್ರೀ ಲಕ್ಷ್ಮಮ್ಮ ದೇವಸ್ಥಾನ, ಕೆ.ಆರ್.ಮೊಹಲ್ಲಾ.
Printed by T.S. Gopinath, Published by M. Govinde Gowda on behalf of Academy Newspapers Private Limited, 15-C Industrial 'A' Layout, Bannimantap, Mysore-570 015 and Printed at Academy
Newspapers Private Limited, 15-C Industrial 'A' Layout, Bannimantap, Mysore-570 015 and Published at 15-C Industrial 'A' Layout, Bannimantap, Mysore-570 015, Editor: M. Govinde Gowda
Ph: 2496520 / 2496521 / 2496526 / 2496527 / 2496528. Fax: 0821-2496525. CITY OFFICES: Visveswaraya Building, III Floor, K.R. CIRCLE, MYSORE-570 001, Ph: 2431774 and No. 114,
D. DEVARAJ URS ROAD (Opposite Big Bus), MYSORE-570 001. Ph: 2428695. RNI Reg. No. 36581 / 1980 E-mail address: news@mysurumithra.com For advertisements: ad@mysurumithra.com
